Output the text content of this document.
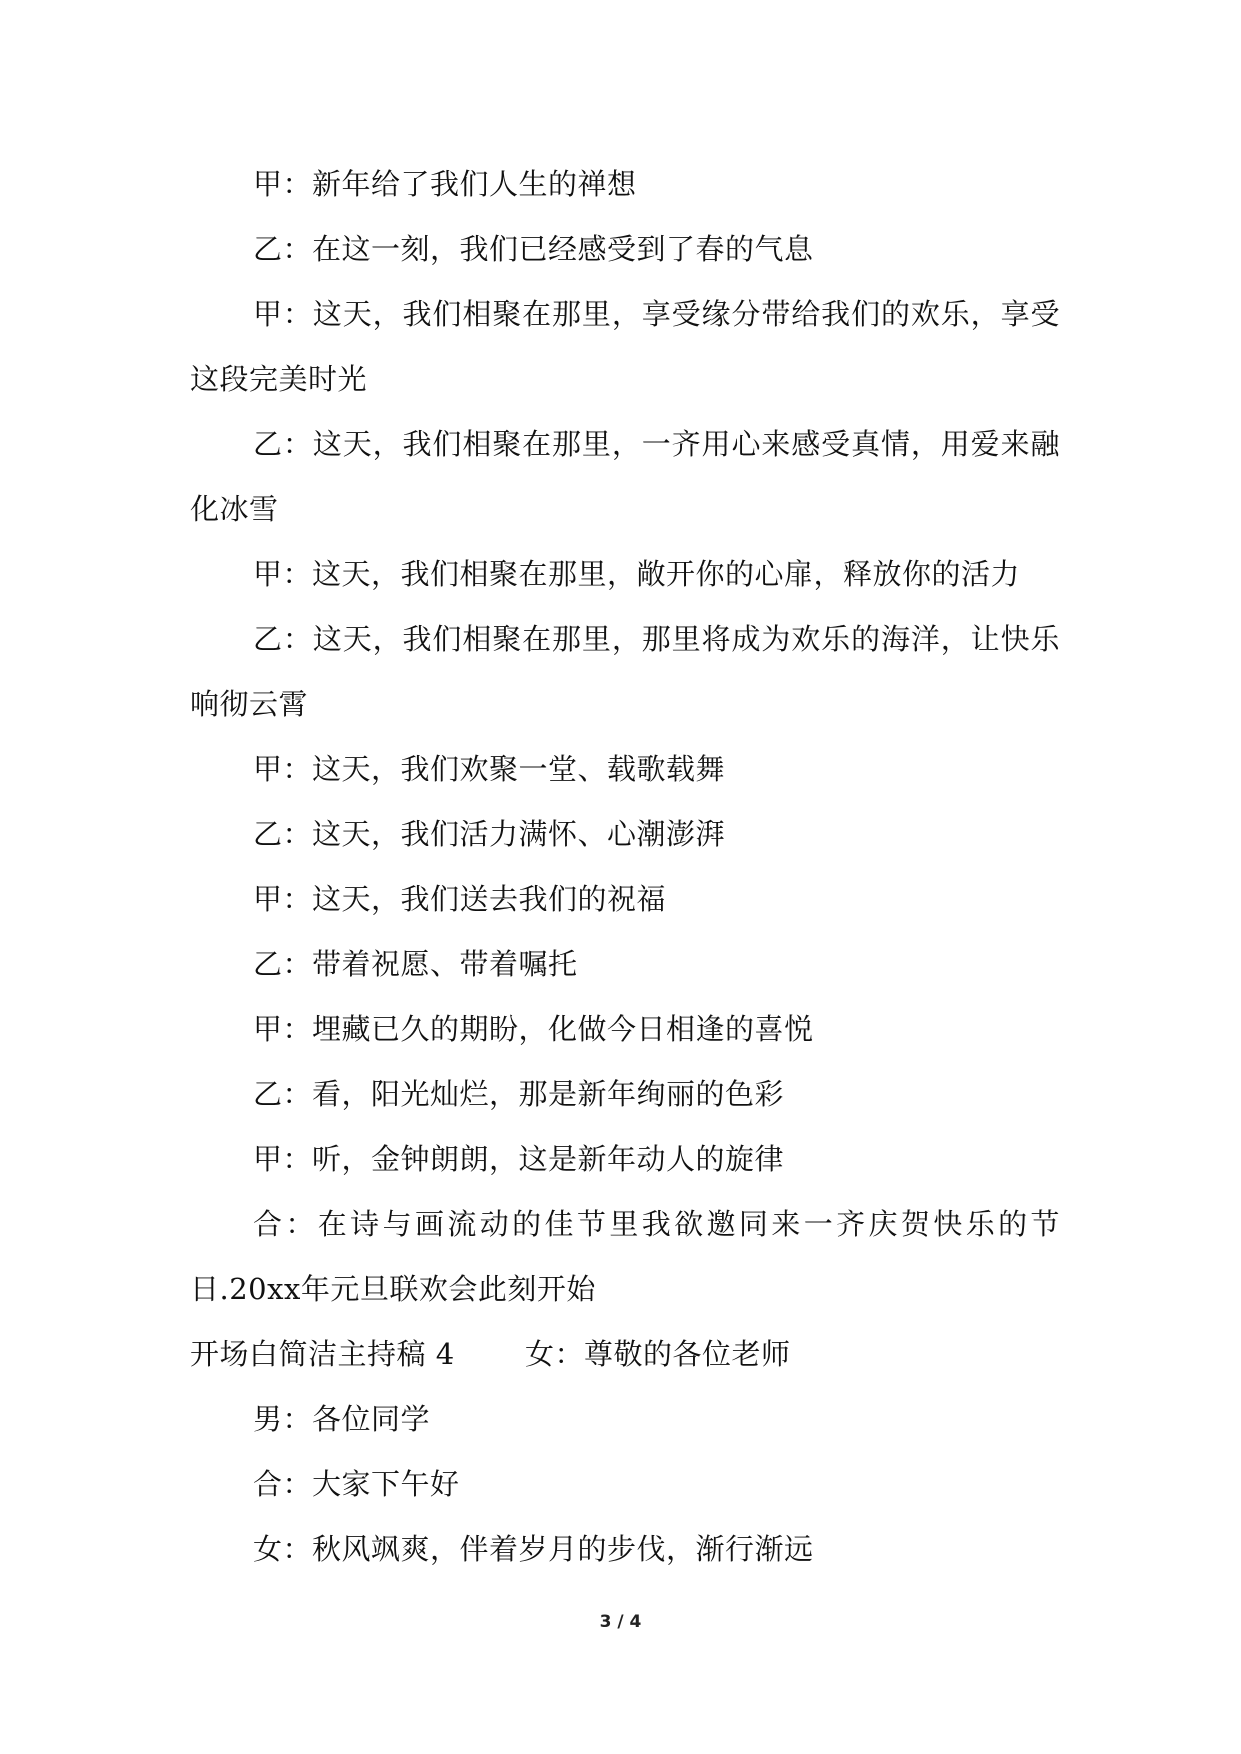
甲：新年给了我们人生的禅想

乙：在这一刻，我们已经感受到了春的气息

甲：这天，我们相聚在那里，享受缘分带给我们的欢乐，享受这段完美时光

乙：这天，我们相聚在那里，一齐用心来感受真情，用爱来融化冰雪

甲：这天，我们相聚在那里，敞开你的心扉，释放你的活力

乙：这天，我们相聚在那里，那里将成为欢乐的海洋，让快乐响彻云霄

甲：这天，我们欢聚一堂、载歌载舞

乙：这天，我们活力满怀、心潮澎湃

甲：这天，我们送去我们的祝福

乙：带着祝愿、带着嘱托

甲：埋藏已久的期盼，化做今日相逢的喜悦

乙：看，阳光灿烂，那是新年绚丽的色彩

甲：听，金钟朗朗，这是新年动人的旋律

合：在诗与画流动的佳节里我欲邀同来一齐庆贺快乐的节日.20xx年元旦联欢会此刻开始

开场白简洁主持稿 4	女：尊敬的各位老师

男：各位同学

合：大家下午好

女：秋风飒爽，伴着岁月的步伐，渐行渐远

3 / 4
